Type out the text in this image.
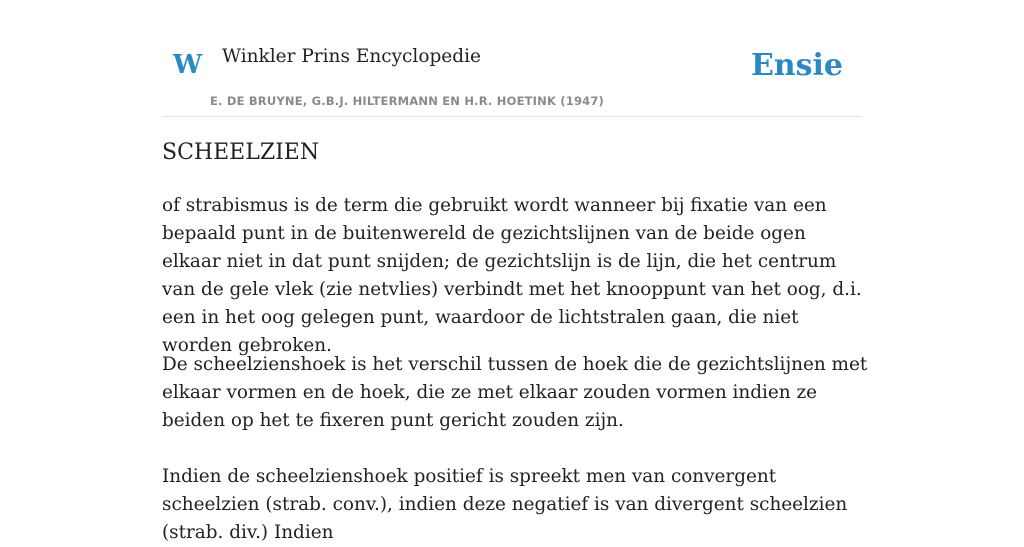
W Winkler Prins Encyclopedie
E. DE BRUYNE, G.B.J. HILTERMANN EN H.R. HOETINK (1947)
Ensie
SCHEELZIEN

of strabismus is de term die gebruikt wordt wanneer bij fixatie van een bepaald punt in de buitenwereld de gezichtslijnen van de beide ogen elkaar niet in dat punt snijden; de gezichtslijn is de lijn, die het centrum van de gele vlek (zie netvlies) verbindt met het knooppunt van het oog, d.i. een in het oog gelegen punt, waardoor de lichtstralen gaan, die niet worden gebroken.

De scheelzienshoek is het verschil tussen de hoek die de gezichtslijnen met elkaar vormen en de hoek, die ze met elkaar zouden vormen indien ze beiden op het te fixeren punt gericht zouden zijn.

Indien de scheelzienshoek positief is spreekt men van convergent scheelzien (strab. conv.), indien deze negatief is van divergent scheelzien (strab. div.) Indien
